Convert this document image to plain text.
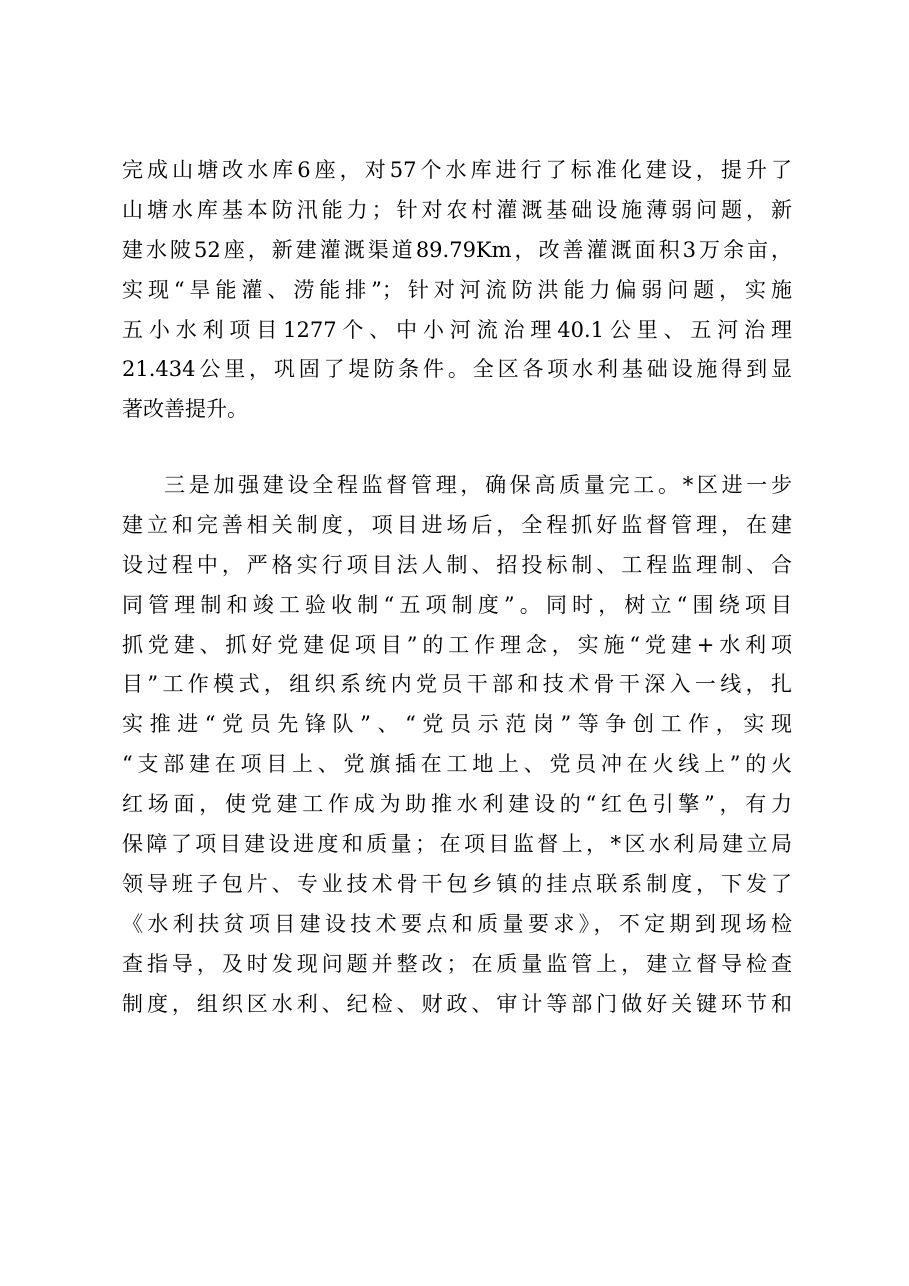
完成山塘改水库6座，对57个水库进行了标准化建设，提升了
山塘水库基本防汛能力；针对农村灌溉基础设施薄弱问题，新
建水陂52座，新建灌溉渠道89.79Km，改善灌溉面积3万余亩，
实现“旱能灌、涝能排”；针对河流防洪能力偏弱问题，实施
五小水利项目1277个、中小河流治理40.1公里、五河治理
21.434公里，巩固了堤防条件。全区各项水利基础设施得到显
著改善提升。
三是加强建设全程监督管理，确保高质量完工。*区进一步
建立和完善相关制度，项目进场后，全程抓好监督管理，在建
设过程中，严格实行项目法人制、招投标制、工程监理制、合
同管理制和竣工验收制“五项制度”。同时，树立“围绕项目
抓党建、抓好党建促项目”的工作理念，实施“党建+水利项
目”工作模式，组织系统内党员干部和技术骨干深入一线，扎
实推进“党员先锋队”、“党员示范岗”等争创工作，实现
“支部建在项目上、党旗插在工地上、党员冲在火线上”的火
红场面，使党建工作成为助推水利建设的“红色引擎”，有力
保障了项目建设进度和质量；在项目监督上，*区水利局建立局
领导班子包片、专业技术骨干包乡镇的挂点联系制度，下发了
《水利扶贫项目建设技术要点和质量要求》，不定期到现场检
查指导，及时发现问题并整改；在质量监管上，建立督导检查
制度，组织区水利、纪检、财政、审计等部门做好关键环节和
